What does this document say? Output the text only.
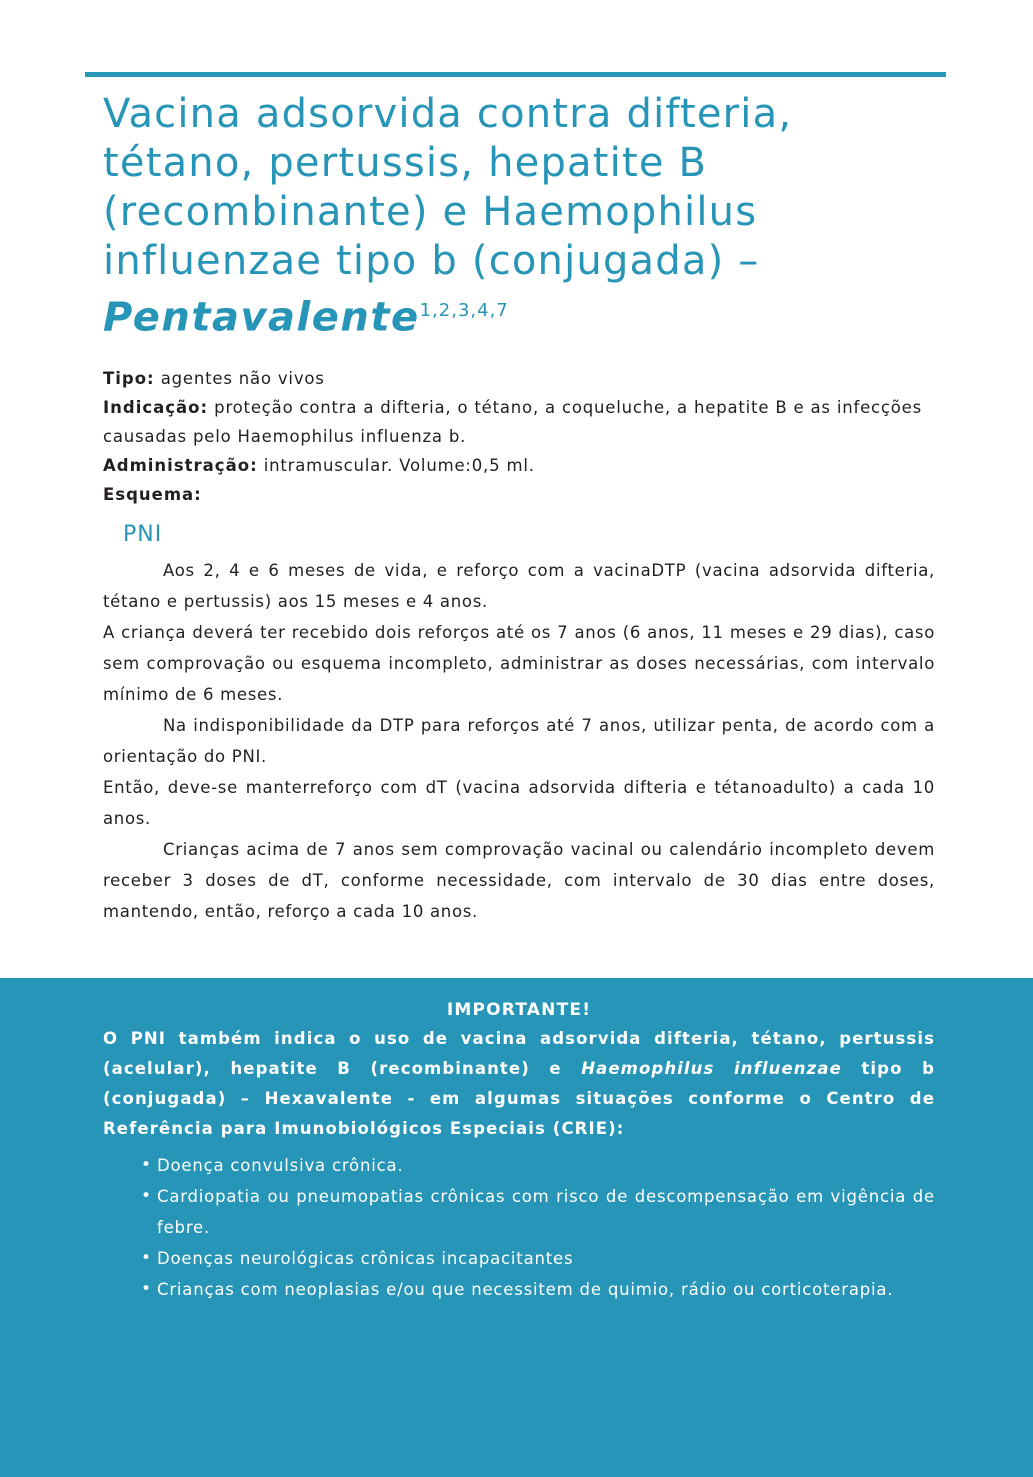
Vacina adsorvida contra difteria, tétano, pertussis, hepatite B (recombinante) e Haemophilus influenzae tipo b (conjugada) – Pentavalente$^{1,2,3,4,7}$

Tipo: agentes não vivos

Indicação: proteção contra a difteria, o tétano, a coqueluche, a hepatite B e as infecções causadas pelo Haemophilus influenza b.

Administração: intramuscular. Volume:0,5 ml.

Esquema:

PNI

Aos 2, 4 e 6 meses de vida, e reforço com a vacinaDTP (vacina adsorvida difteria, tétano e pertussis) aos 15 meses e 4 anos.

A criança deverá ter recebido dois reforços até os 7 anos (6 anos, 11 meses e 29 dias), caso sem comprovação ou esquema incompleto, administrar as doses necessárias, com intervalo mínimo de 6 meses.

Na indisponibilidade da DTP para reforços até 7 anos, utilizar penta, de acordo com a orientação do PNI.

Então, deve-se manterreforço com dT (vacina adsorvida difteria e tétanoadulto) a cada 10 anos.

Crianças acima de 7 anos sem comprovação vacinal ou calendário incompleto devem receber 3 doses de dT, conforme necessidade, com intervalo de 30 dias entre doses, mantendo, então, reforço a cada 10 anos.

IMPORTANTE!

O PNI também indica o uso de vacina adsorvida difteria, tétano, pertussis (acelular), hepatite B (recombinante) e Haemophilus influenzae tipo b (conjugada) – Hexavalente - em algumas situações conforme o Centro de Referência para Imunobiológicos Especiais (CRIE):

• Doença convulsiva crônica.
• Cardiopatia ou pneumopatias crônicas com risco de descompensação em vigência de febre.
• Doenças neurológicas crônicas incapacitantes
• Crianças com neoplasias e/ou que necessitem de quimio, rádio ou corticoterapia.
